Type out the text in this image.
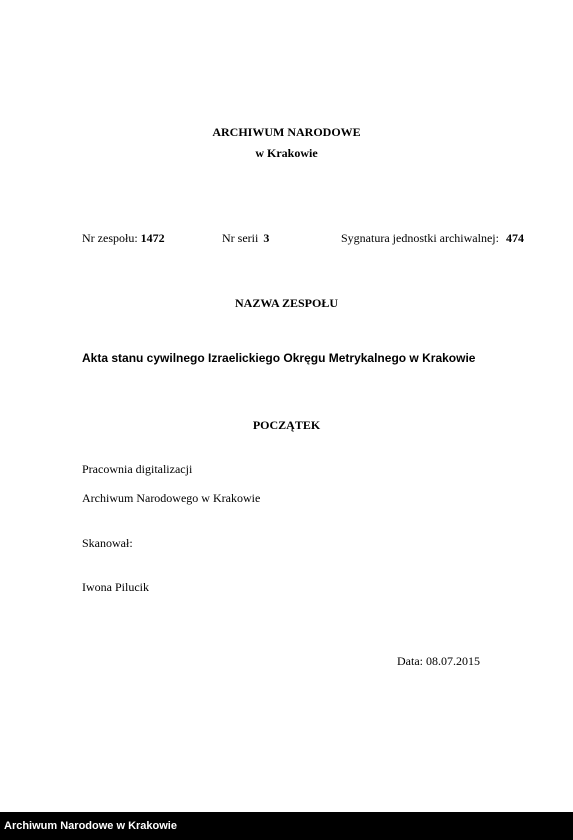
ARCHIWUM NARODOWE
w Krakowie
Nr zespołu: 1472	Nr serii 3	Sygnatura jednostki archiwalnej: 474
NAZWA ZESPOŁU
Akta stanu cywilnego Izraelickiego Okręgu Metrykalnego w Krakowie
POCZĄTEK
Pracownia digitalizacji
Archiwum Narodowego w Krakowie
Skanował:
Iwona Pilucik
Data: 08.07.2015
Archiwum Narodowe w Krakowie
